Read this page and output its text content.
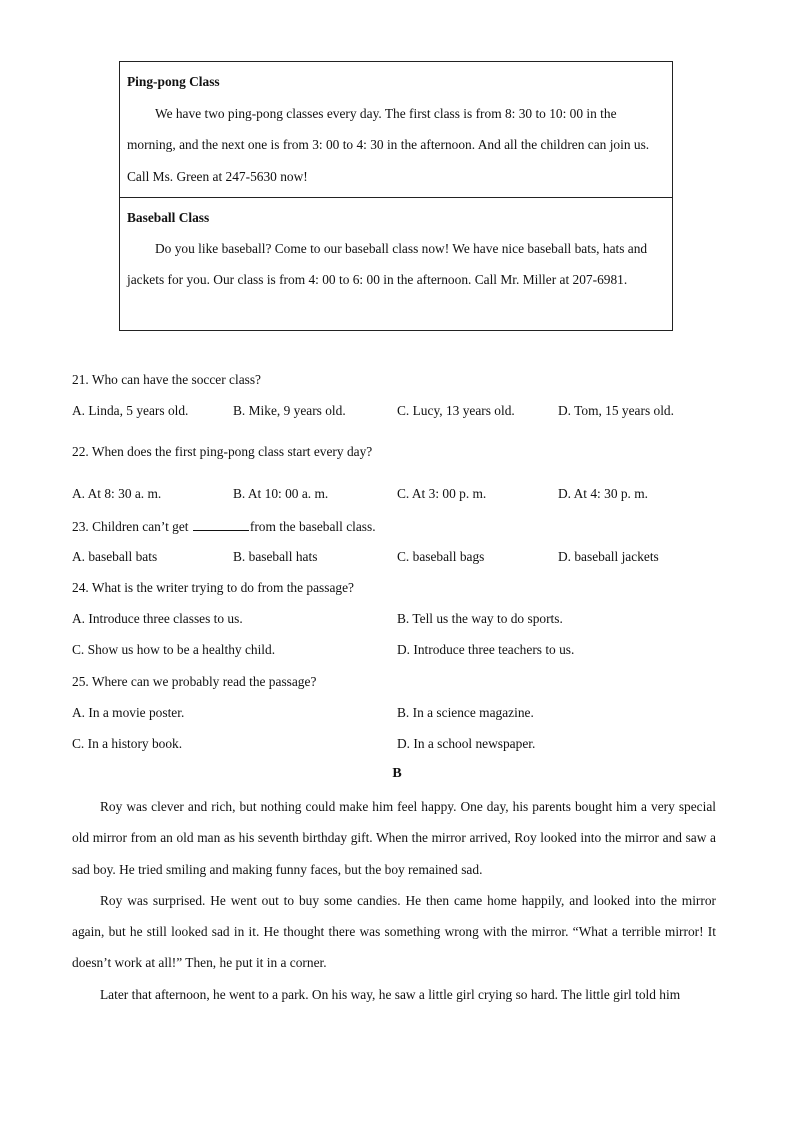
Ping-pong Class
We have two ping-pong classes every day. The first class is from 8: 30 to 10: 00 in the morning, and the next one is from 3: 00 to 4: 30 in the afternoon. And all the children can join us. Call Ms. Green at 247-5630 now!
Baseball Class
Do you like baseball? Come to our baseball class now! We have nice baseball bats, hats and jackets for you. Our class is from 4: 00 to 6: 00 in the afternoon. Call Mr. Miller at 207-6981.
21. Who can have the soccer class?
A. Linda, 5 years old.	B. Mike, 9 years old.	C. Lucy, 13 years old.	D. Tom, 15 years old.
22. When does the first ping-pong class start every day?
A. At 8: 30 a. m.	B. At 10: 00 a. m.	C. At 3: 00 p. m.	D. At 4: 30 p. m.
23. Children can’t get	from the baseball class.
A. baseball bats	B. baseball hats	C. baseball bags	D. baseball jackets
24. What is the writer trying to do from the passage?
A. Introduce three classes to us.	B. Tell us the way to do sports.
C. Show us how to be a healthy child.	D. Introduce three teachers to us.
25. Where can we probably read the passage?
A. In a movie poster.	B. In a science magazine.
C. In a history book.	D. In a school newspaper.
B

Roy was clever and rich, but nothing could make him feel happy. One day, his parents bought him a very special old mirror from an old man as his seventh birthday gift. When the mirror arrived, Roy looked into the mirror and saw a sad boy. He tried smiling and making funny faces, but the boy remained sad.

Roy was surprised. He went out to buy some candies. He then came home happily, and looked into the mirror again, but he still looked sad in it. He thought there was something wrong with the mirror. “What a terrible mirror! It doesn’t work at all!” Then, he put it in a corner.

Later that afternoon, he went to a park. On his way, he saw a little girl crying so hard. The little girl told him
